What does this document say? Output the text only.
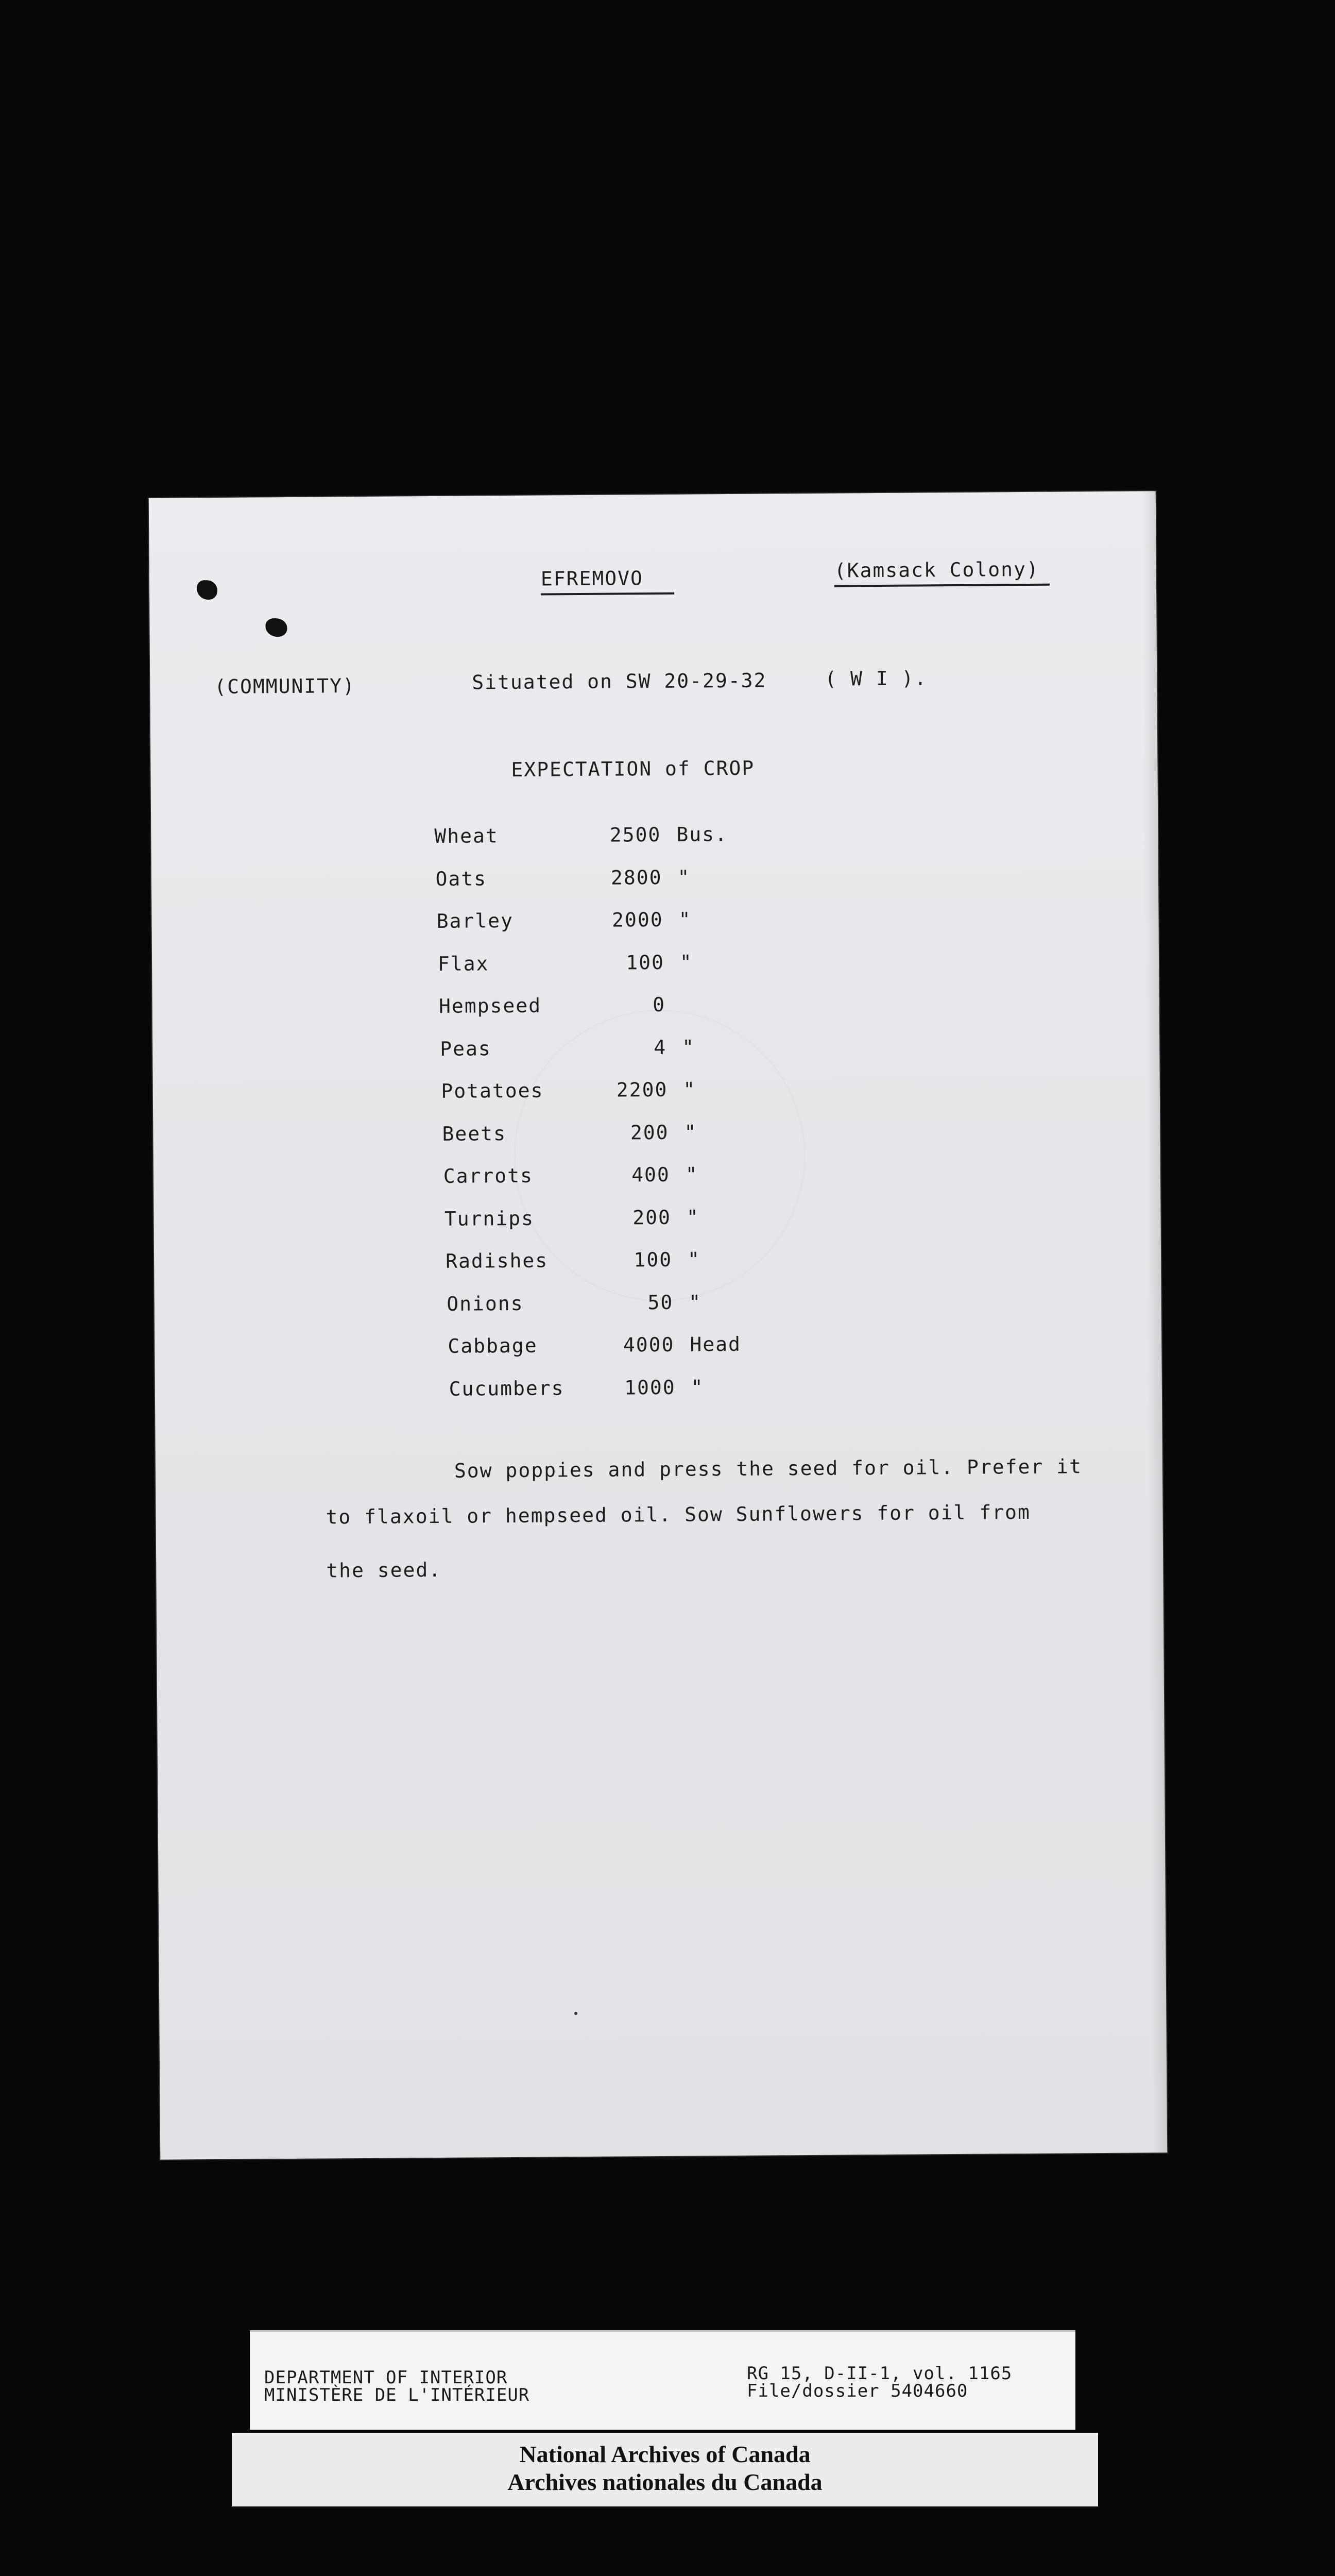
EFREMOVO	(Kamsack Colony)
(COMMUNITY)	Situated on SW 20-29-32	( W I ).
EXPECTATION of CROP
Wheat	2500 Bus.
Oats	2800 "
Barley	2000 "
Flax	100 "
Hempseed	0
Peas	4 "
Potatoes	2200 "
Beets	200 "
Carrots	400 "
Turnips	200 "
Radishes	100 "
Onions	50 "
Cabbage	4000 Head
Cucumbers	1000 "
Sow poppies and press the seed for oil. Prefer it
to flaxoil or hempseed oil. Sow Sunflowers for oil from
the seed.
DEPARTMENT OF INTERIOR
MINISTÈRE DE L'INTÉRIEUR
RG 15, D-II-1, vol. 1165
File/dossier 5404660
National Archives of Canada
Archives nationales du Canada
